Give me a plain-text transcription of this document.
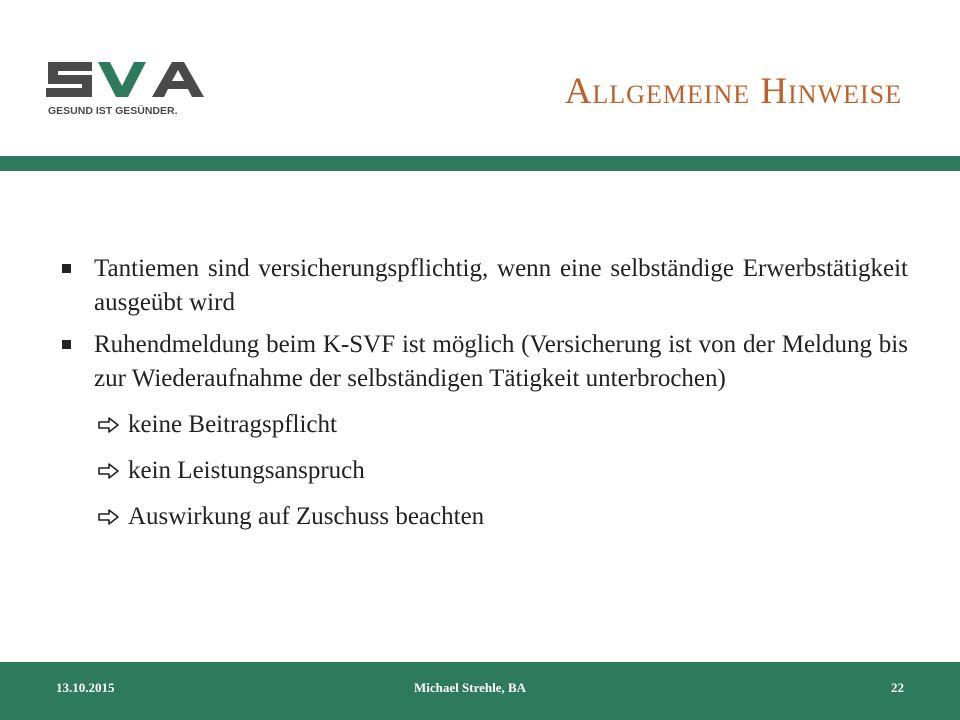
GESUND IST GESÜNDER.	Allgemeine Hinweise
Tantiemen sind versicherungspflichtig, wenn eine selbständige Erwerbstätigkeit ausgeübt wird
Ruhendmeldung beim K-SVF ist möglich (Versicherung ist von der Meldung bis zur Wiederaufnahme der selbständigen Tätigkeit unterbrochen)
keine Beitragspflicht
kein Leistungsanspruch
Auswirkung auf Zuschuss beachten
13.10.2015	Michael Strehle, BA	22
